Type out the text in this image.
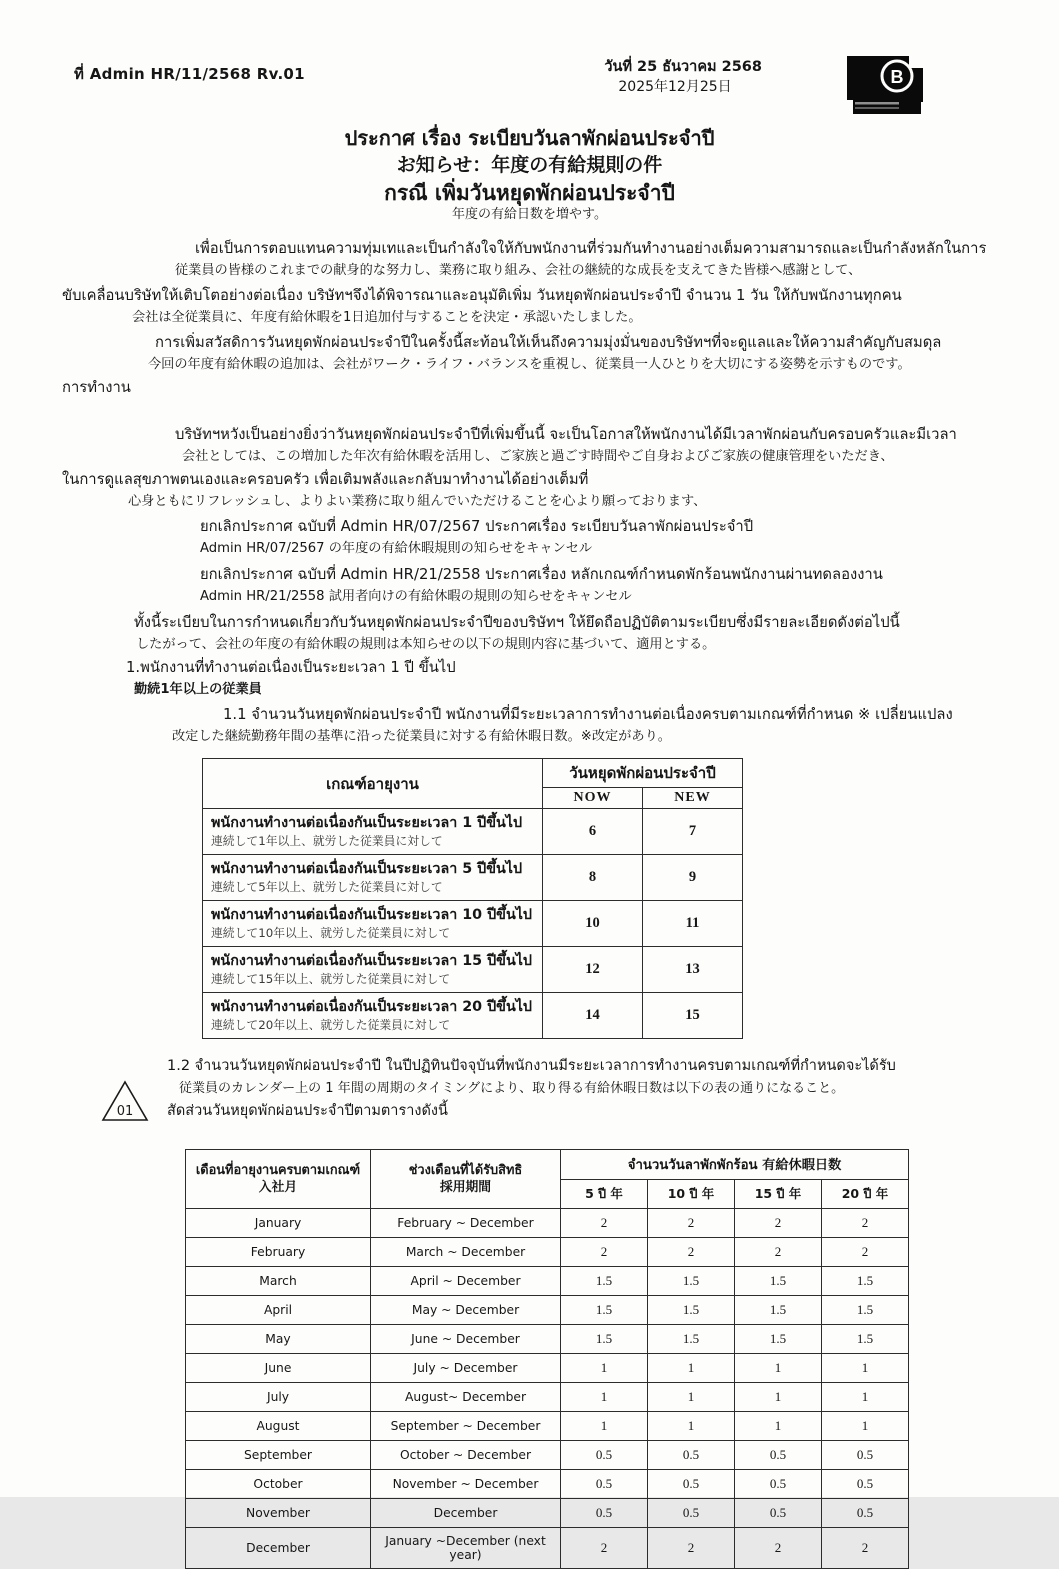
ที่ Admin HR/11/2568 Rv.01	วันที่ 25 ธันวาคม 2568
2025年12月25日	B
ประกาศ เรื่อง ระเบียบวันลาพักผ่อนประจำปี
お知らせ：年度の有給規則の件
กรณี เพิ่มวันหยุดพักผ่อนประจำปี
年度の有給日数を増やす。
เพื่อเป็นการตอบแทนความทุ่มเทและเป็นกำลังใจให้กับพนักงานที่ร่วมกันทำงานอย่างเต็มความสามารถและเป็นกำลังหลักในการ
従業員の皆様のこれまでの献身的な努力し、業務に取り組み、会社の継続的な成長を支えてきた皆様へ感謝として、
ขับเคลื่อนบริษัทให้เติบโตอย่างต่อเนื่อง บริษัทฯจึงได้พิจารณาและอนุมัติเพิ่ม วันหยุดพักผ่อนประจำปี จำนวน 1 วัน ให้กับพนักงานทุกคน
会社は全従業員に、年度有給休暇を1日追加付与することを決定・承認いたしました。
การเพิ่มสวัสดิการวันหยุดพักผ่อนประจำปีในครั้งนี้สะท้อนให้เห็นถึงความมุ่งมั่นของบริษัทฯที่จะดูแลและให้ความสำคัญกับสมดุล
今回の年度有給休暇の追加は、会社がワーク・ライフ・バランスを重視し、従業員一人ひとりを大切にする姿勢を示すものです。
การทำงาน
บริษัทฯหวังเป็นอย่างยิ่งว่าวันหยุดพักผ่อนประจำปีที่เพิ่มขึ้นนี้ จะเป็นโอกาสให้พนักงานได้มีเวลาพักผ่อนกับครอบครัวและมีเวลา
会社としては、この増加した年次有給休暇を活用し、ご家族と過ごす時間やご自身およびご家族の健康管理をいただき、
ในการดูแลสุขภาพตนเองและครอบครัว เพื่อเติมพลังและกลับมาทำงานได้อย่างเต็มที่
心身ともにリフレッシュし、よりよい業務に取り組んでいただけることを心より願っております、
ยกเลิกประกาศ ฉบับที่ Admin HR/07/2567 ประกาศเรื่อง ระเบียบวันลาพักผ่อนประจำปี
Admin HR/07/2567 の年度の有給休暇規則の知らせをキャンセル
ยกเลิกประกาศ ฉบับที่ Admin HR/21/2558 ประกาศเรื่อง หลักเกณฑ์กำหนดพักร้อนพนักงานผ่านทดลองงาน
Admin HR/21/2558 試用者向けの有給休暇の規則の知らせをキャンセル
ทั้งนี้ระเบียบในการกำหนดเกี่ยวกับวันหยุดพักผ่อนประจำปีของบริษัทฯ ให้ยึดถือปฏิบัติตามระเบียบซึ่งมีรายละเอียดดังต่อไปนี้
したがって、会社の年度の有給休暇の規則は本知らせの以下の規則内容に基づいて、適用とする。
1.พนักงานที่ทำงานต่อเนื่องเป็นระยะเวลา 1 ปี ขึ้นไป
勤続1年以上の従業員
1.1 จำนวนวันหยุดพักผ่อนประจำปี พนักงานที่มีระยะเวลาการทำงานต่อเนื่องครบตามเกณฑ์ที่กำหนด ※ เปลี่ยนแปลง
改定した継続勤務年間の基準に沿った従業員に対する有給休暇日数。※改定があり。
เกณฑ์อายุงาน	วันหยุดพักผ่อนประจำปี	
	NOW	NEW

พนักงานทำงานต่อเนื่องกันเป็นระยะเวลา 1 ปีขึ้นไป
連続して1年以上、就労した従業員に対して	6	7

พนักงานทำงานต่อเนื่องกันเป็นระยะเวลา 5 ปีขึ้นไป
連続して5年以上、就労した従業員に対して	8	9

พนักงานทำงานต่อเนื่องกันเป็นระยะเวลา 10 ปีขึ้นไป
連続して10年以上、就労した従業員に対して	10	11

พนักงานทำงานต่อเนื่องกันเป็นระยะเวลา 15 ปีขึ้นไป
連続して15年以上、就労した従業員に対して	12	13

พนักงานทำงานต่อเนื่องกันเป็นระยะเวลา 20 ปีขึ้นไป
連続して20年以上、就労した従業員に対して	14	15
01
1.2 จำนวนวันหยุดพักผ่อนประจำปี ในปีปฏิทินปัจจุบันที่พนักงานมีระยะเวลาการทำงานครบตามเกณฑ์ที่กำหนดจะได้รับ
従業員のカレンダー上の 1 年間の周期のタイミングにより、取り得る有給休暇日数は以下の表の通りになること。
สัดส่วนวันหยุดพักผ่อนประจำปีตามตารางดังนี้
เดือนที่อายุงานครบตามเกณฑ์
入社月

ช่วงเดือนที่ได้รับสิทธิ
採用期間
	จำนวนวันลาพักพักร้อน 有給休暇日数
		5 ปี 年	10 ปี 年	15 ปี 年	20 ปี 年
January	February ~ December	2	2	2	2
February	March ~ December	2	2	2	2
March	April ~ December	1.5	1.5	1.5	1.5
April	May ~ December	1.5	1.5	1.5	1.5
May	June ~ December	1.5	1.5	1.5	1.5
June	July ~ December	1	1	1	1
July	August~ December	1	1	1	1
August	September ~ December	1	1	1	1
September	October ~ December	0.5	0.5	0.5	0.5
October	November ~ December	0.5	0.5	0.5	0.5
November	December	0.5	0.5	0.5	0.5
December	January ~December (next year)	2	2	2	2
